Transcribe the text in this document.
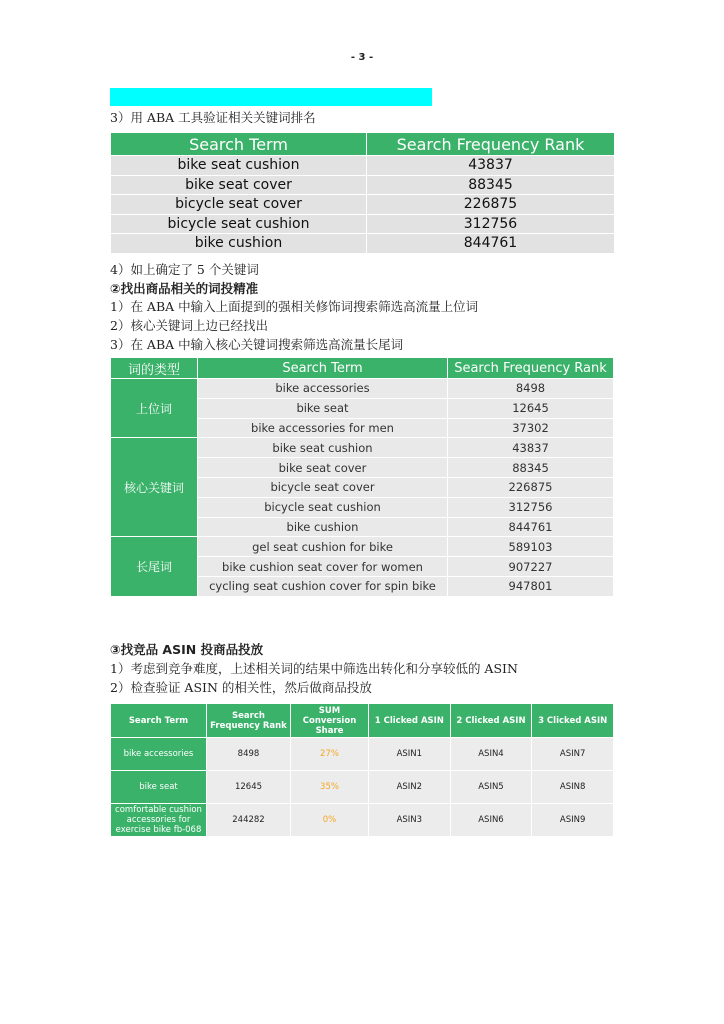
- 3 -
3）用 ABA 工具验证相关关键词排名
Search Term	Search Frequency Rank
bike seat cushion	43837
bike seat cover	88345
bicycle seat cover	226875
bicycle seat cushion	312756
bike cushion	844761
4）如上确定了 5 个关键词
②找出商品相关的词投精准
1）在 ABA 中输入上面提到的强相关修饰词搜索筛选高流量上位词
2）核心关键词上边已经找出
3）在 ABA 中输入核心关键词搜索筛选高流量长尾词
词的类型	Search Term	Search Frequency Rank
上位词	bike accessories	8498
	bike seat	12645
	bike accessories for men	37302
核心关键词	bike seat cushion	43837
	bike seat cover	88345
	bicycle seat cover	226875
	bicycle seat cushion	312756
	bike cushion	844761
长尾词	gel seat cushion for bike	589103
	bike cushion seat cover for women	907227
	cycling seat cushion cover for spin bike	947801
③找竞品 ASIN 投商品投放
1）考虑到竞争难度，上述相关词的结果中筛选出转化和分享较低的 ASIN
2）检查验证 ASIN 的相关性，然后做商品投放
Search Term	Search Frequency Rank	SUM Conversion Share	1 Clicked ASIN	2 Clicked ASIN	3 Clicked ASIN
bike accessories	8498	27%	ASIN1	ASIN4	ASIN7
bike seat	12645	35%	ASIN2	ASIN5	ASIN8
comfortable cushion accessories for exercise bike fb-068	244282	0%	ASIN3	ASIN6	ASIN9
